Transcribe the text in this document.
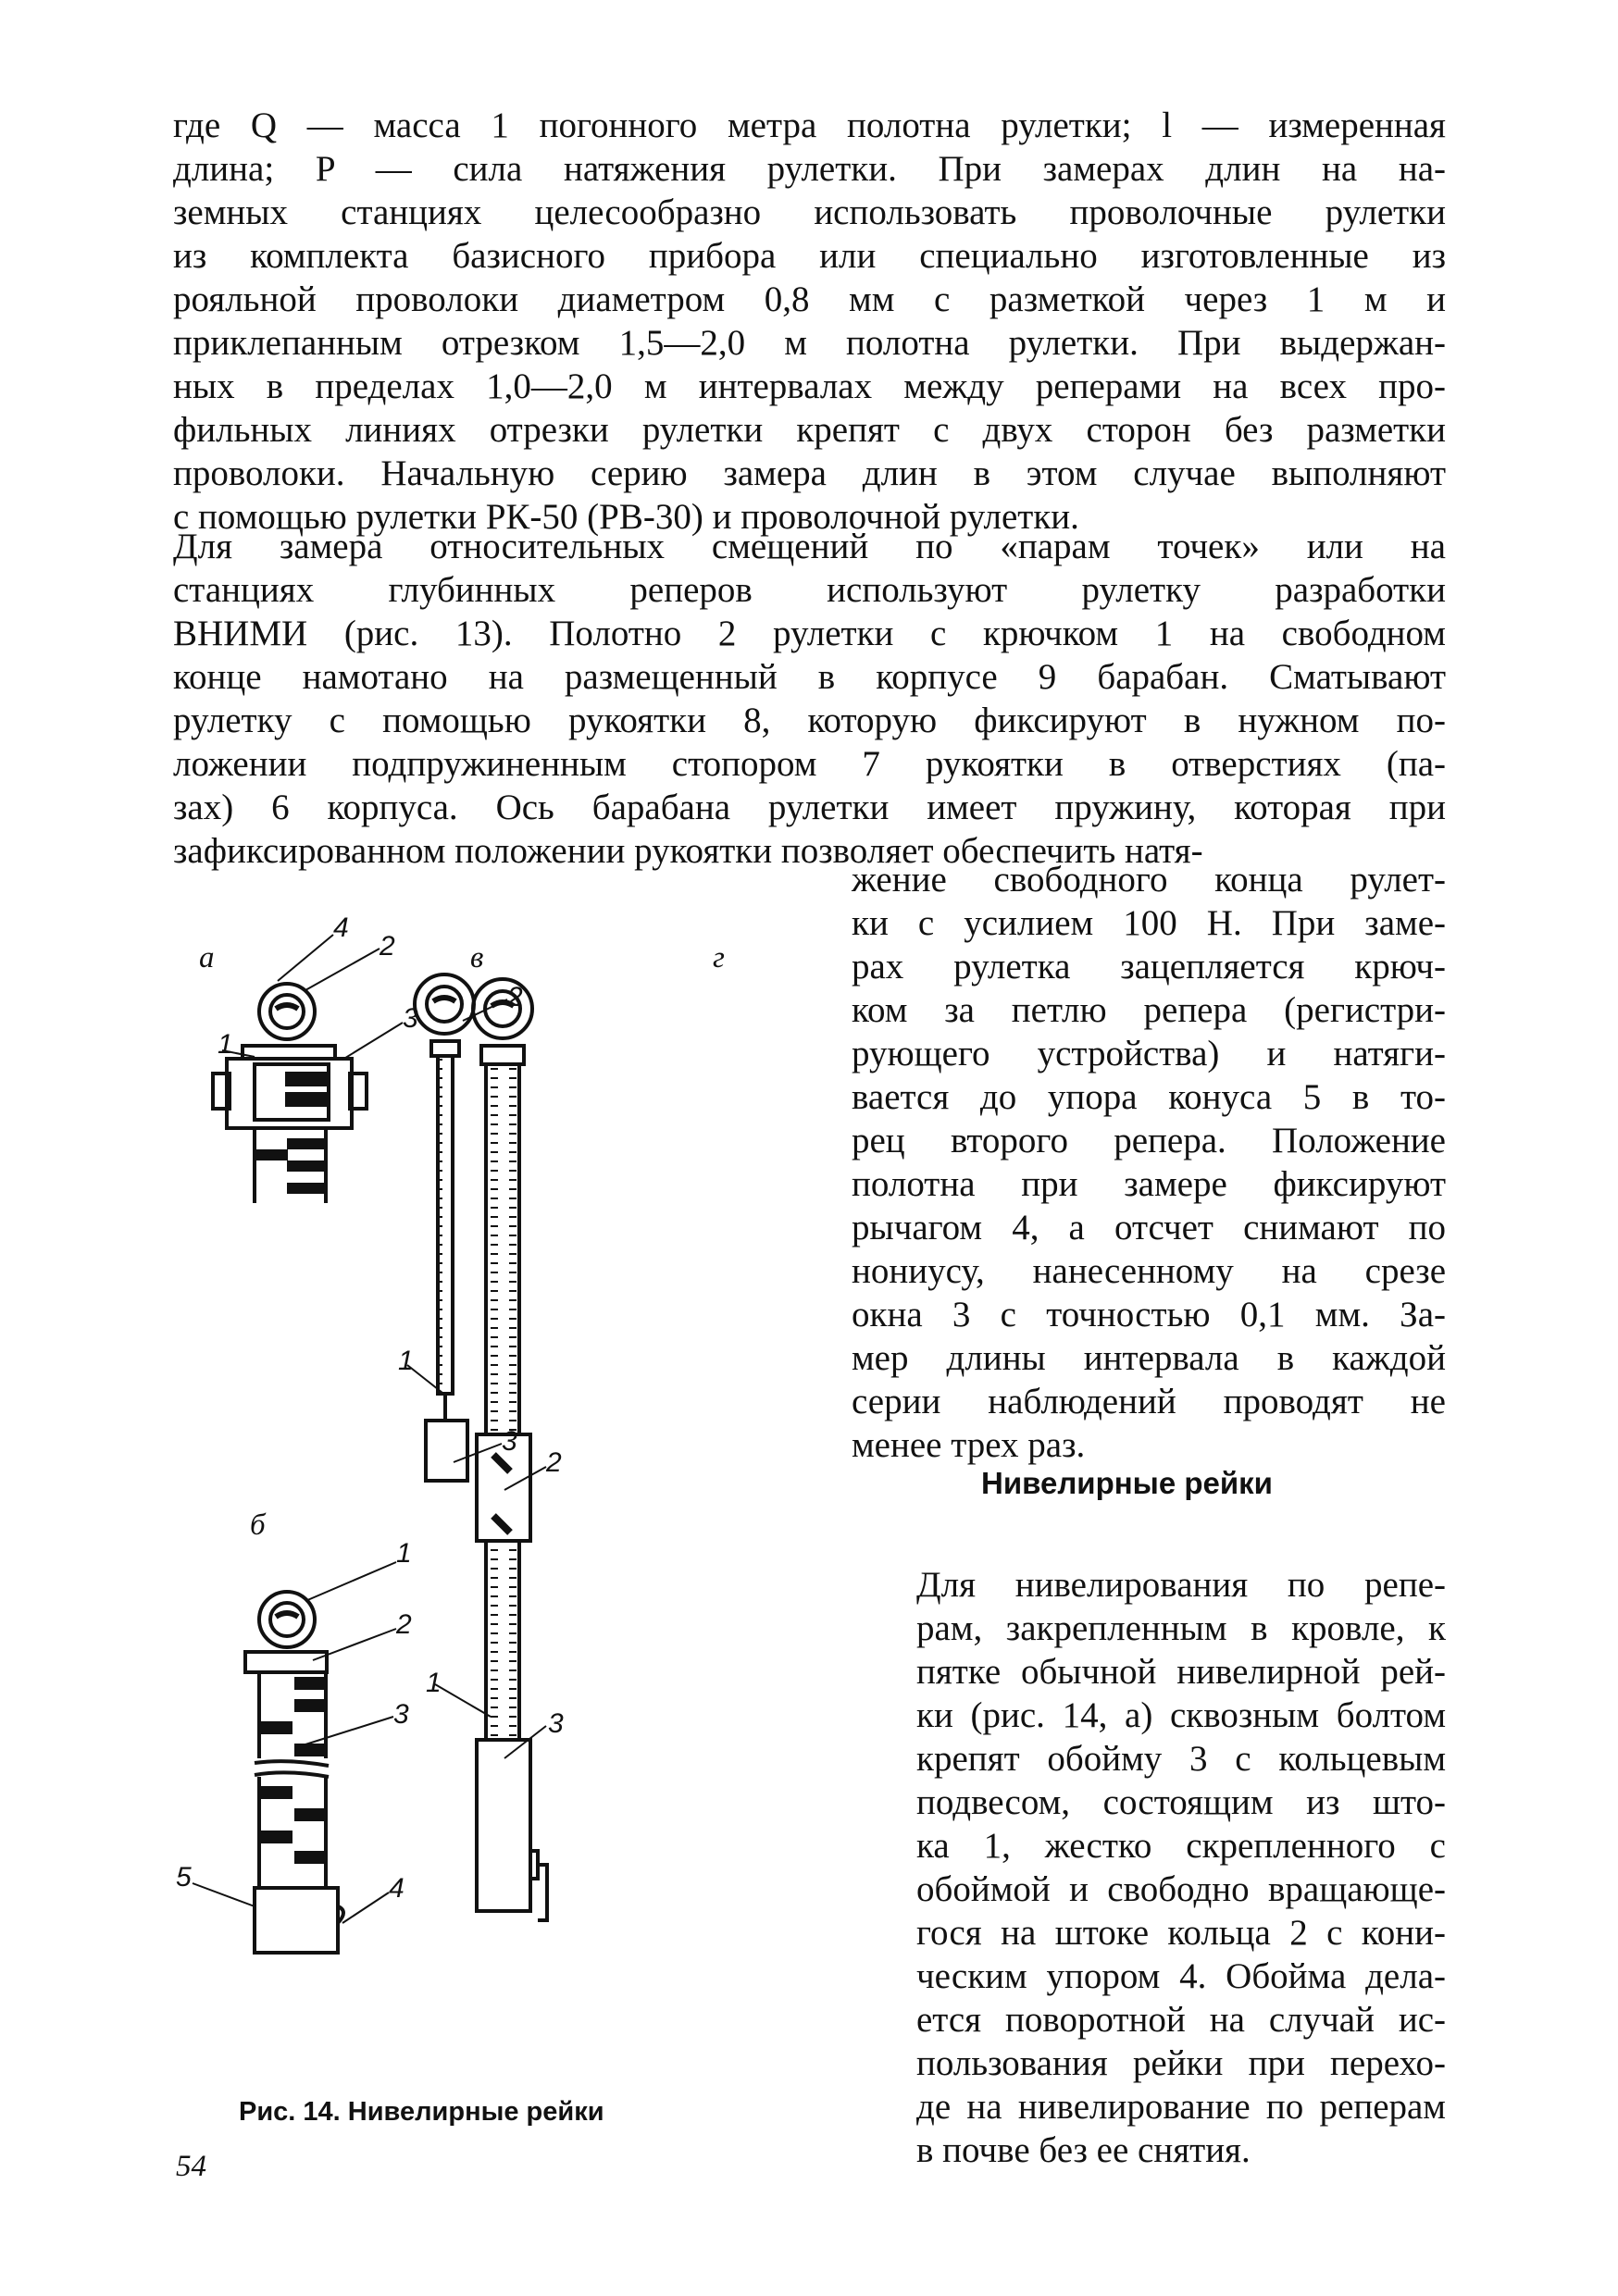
где Q — масса 1 погонного метра полотна рулетки; l — измеренная
длина; P — сила натяжения рулетки. При замерах длин на на-
земных станциях целесообразно использовать проволочные рулетки
из комплекта базисного прибора или специально изготовленные из
рояльной проволоки диаметром 0,8 мм с разметкой через 1 м и
приклепанным отрезком 1,5—2,0 м полотна рулетки. При выдержан-
ных в пределах 1,0—2,0 м интервалах между реперами на всех про-
фильных линиях отрезки рулетки крепят с двух сторон без разметки
проволоки. Начальную серию замера длин в этом случае выполняют
с помощью рулетки РК-50 (РВ-30) и проволочной рулетки.
Для замера относительных смещений по «парам точек» или на
станциях глубинных реперов используют рулетку разработки
ВНИМИ (рис. 13). Полотно 2 рулетки с крючком 1 на свободном
конце намотано на размещенный в корпусе 9 барабан. Сматывают
рулетку с помощью рукоятки 8, которую фиксируют в нужном по-
ложении подпружиненным стопором 7 рукоятки в отверстиях (па-
зах) 6 корпуса. Ось барабана рулетки имеет пружину, которая при
зафиксированном положении рукоятки позволяет обеспечить натя-
жение свободного конца рулет-
ки с усилием 100 Н. При заме-
рах рулетка зацепляется крюч-
ком за петлю репера (регистри-
рующего устройства) и натяги-
вается до упора конуса 5 в то-
рец второго репера. Положение
полотна при замере фиксируют
рычагом 4, а отсчет снимают по
нониусу, нанесенному на срезе
окна 3 с точностью 0,1 мм. За-
мер длины интервала в каждой
серии наблюдений проводят не
менее трех раз.
Нивелирные рейки
Для нивелирования по репе-
рам, закрепленным в кровле, к
пятке обычной нивелирной рей-
ки (рис. 14, а) сквозным болтом
крепят обойму 3 с кольцевым
подвесом, состоящим из што-
ка 1, жестко скрепленного с
обоймой и свободно вращающе-
гося на штоке кольца 2 с кони-
ческим упором 4. Обойма дела-
ется поворотной на случай ис-
пользования рейки при перехо-
де на нивелирование по реперам
в почве без ее снятия.
а	в	г
б
1
4
2
3
1
2
3
1
2
3
1
2
3
5	4
Рис. 14. Нивелирные рейки
54
